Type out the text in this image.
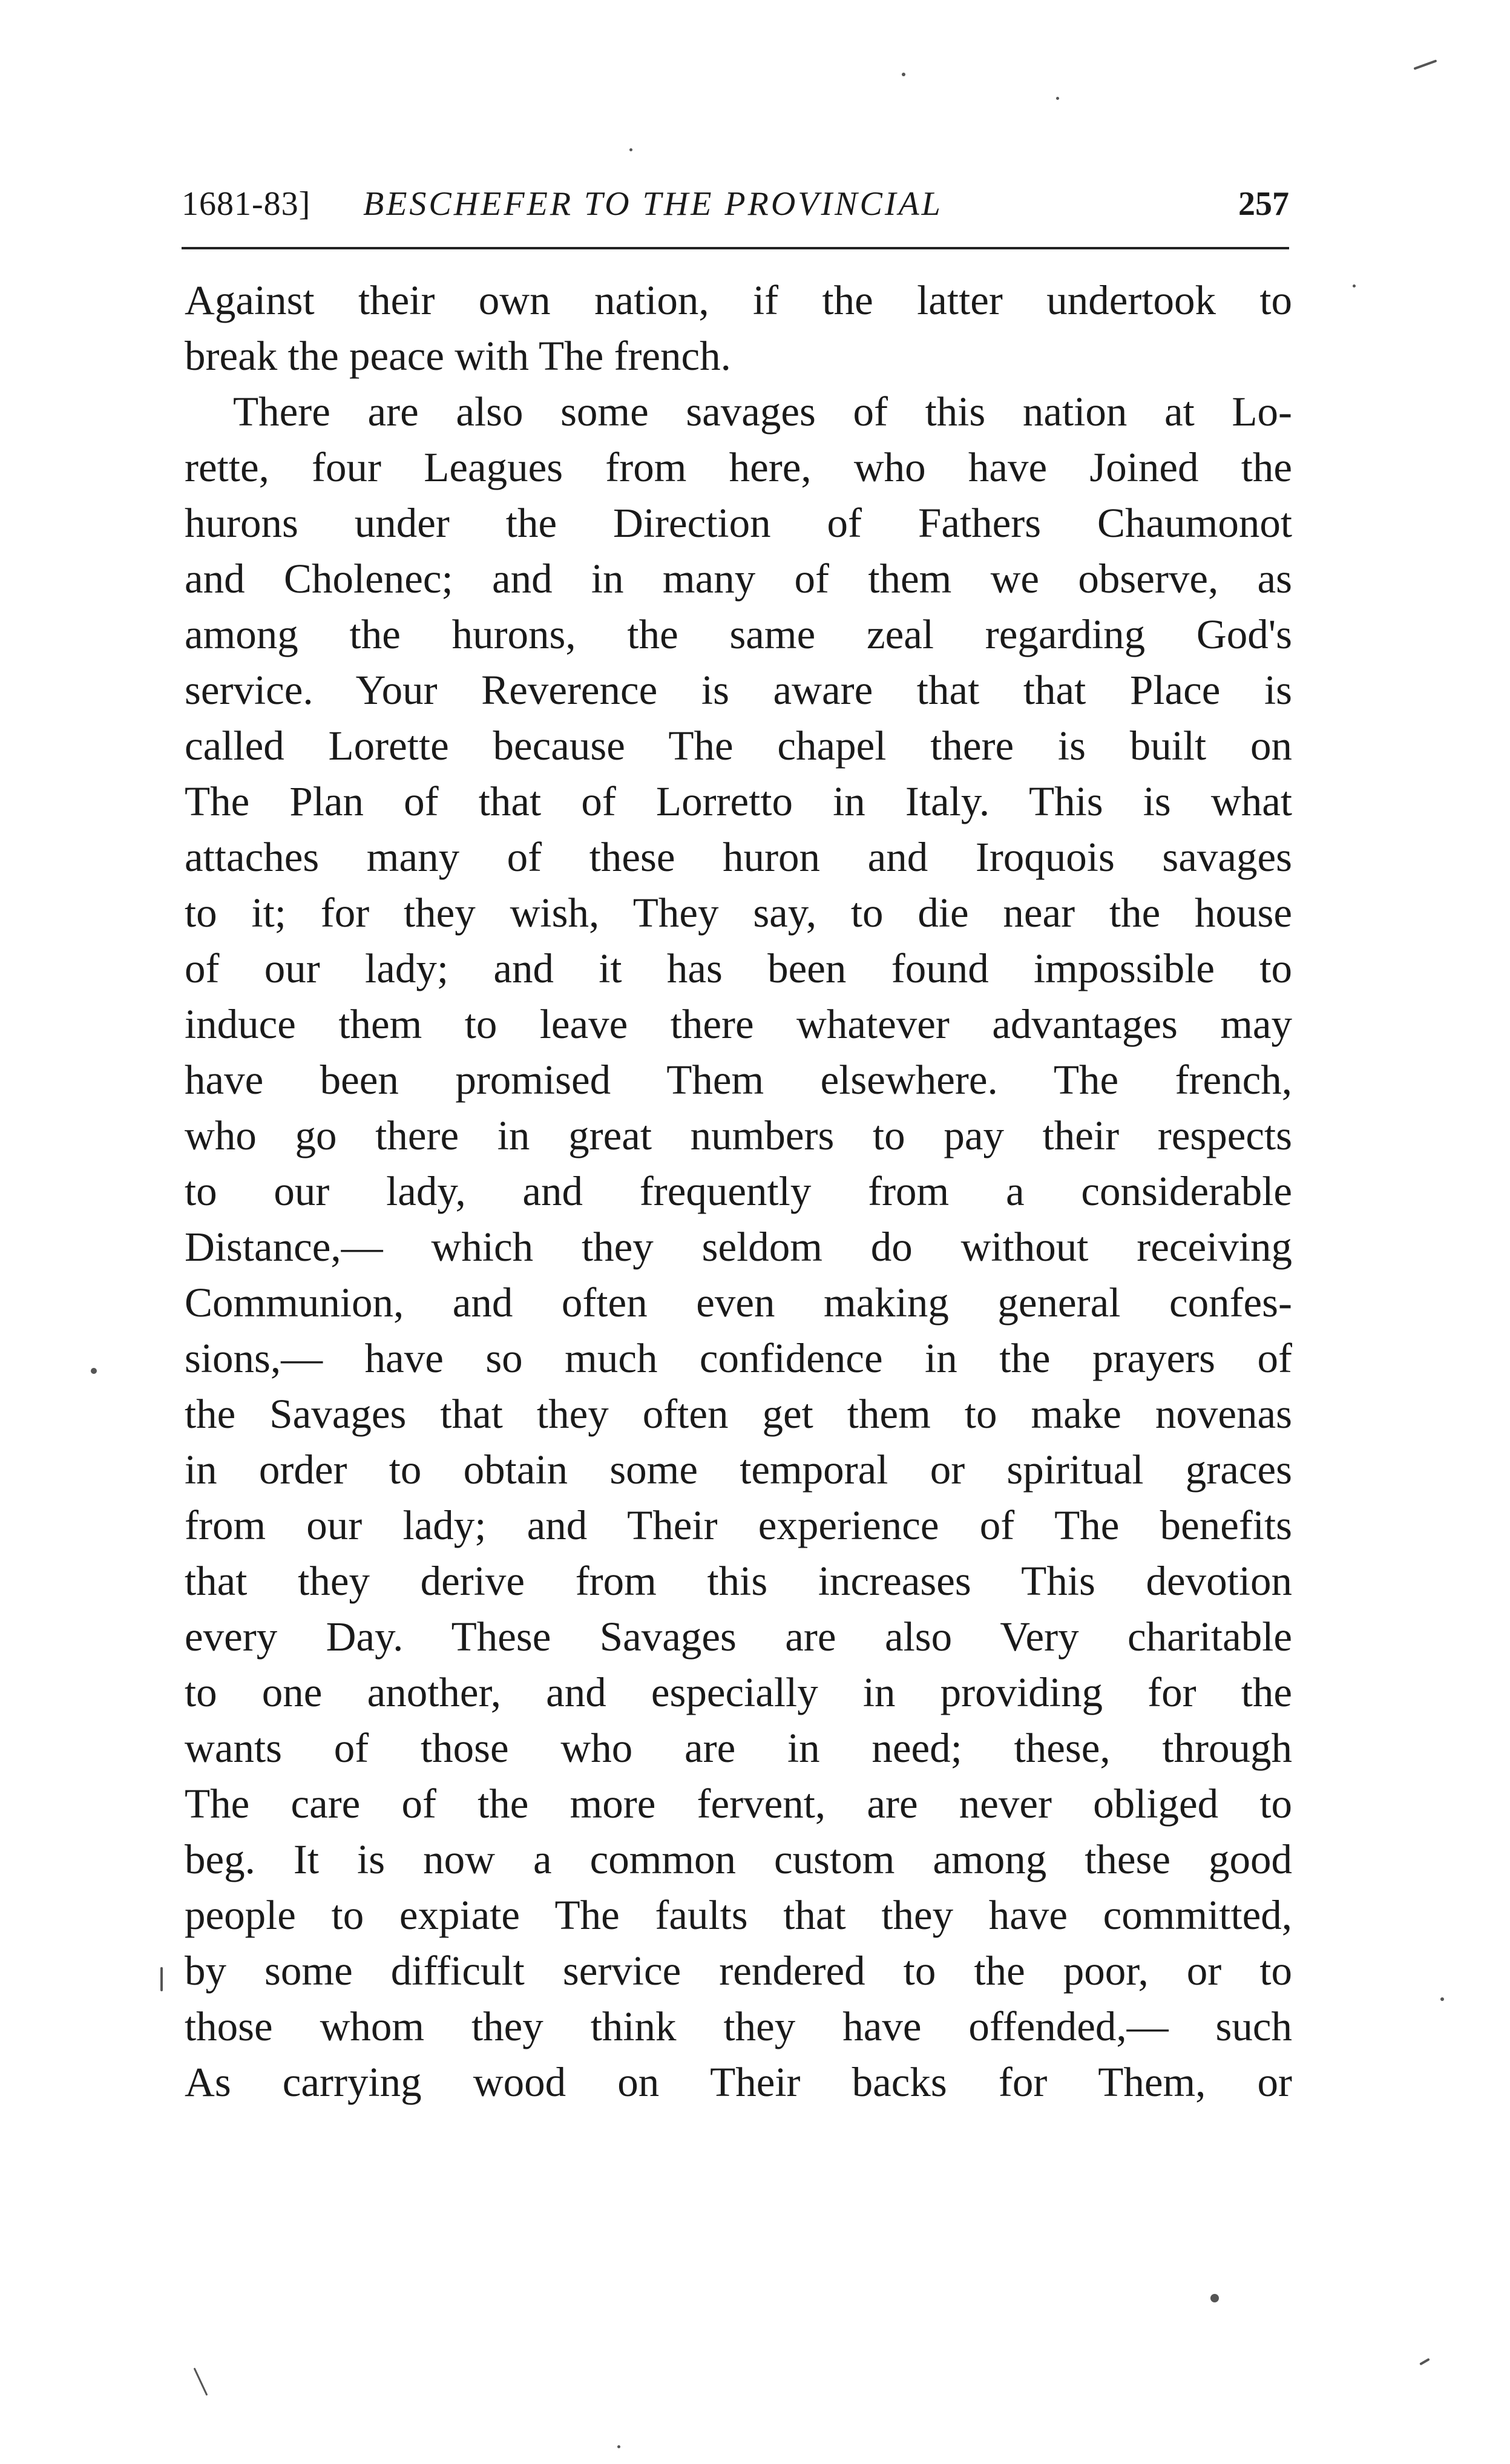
1681-83] BESCHEFER TO THE PROVINCIAL	257
Against their own nation, if the latter undertook to
break the peace with The french.
There are also some savages of this nation at Lo-
rette, four Leagues from here, who have Joined the
hurons under the Direction of Fathers Chaumonot
and Cholenec; and in many of them we observe, as
among the hurons, the same zeal regarding God's
service. Your Reverence is aware that that Place is
called Lorette because The chapel there is built on
The Plan of that of Lorretto in Italy. This is what
attaches many of these huron and Iroquois savages
to it; for they wish, They say, to die near the house
of our lady; and it has been found impossible to
induce them to leave there whatever advantages may
have been promised Them elsewhere. The french,
who go there in great numbers to pay their respects
to our lady, and frequently from a considerable
Distance,— which they seldom do without receiving
Communion, and often even making general confes-
sions,— have so much confidence in the prayers of
the Savages that they often get them to make novenas
in order to obtain some temporal or spiritual graces
from our lady; and Their experience of The benefits
that they derive from this increases This devotion
every Day. These Savages are also Very charitable
to one another, and especially in providing for the
wants of those who are in need; these, through
The care of the more fervent, are never obliged to
beg. It is now a common custom among these good
people to expiate The faults that they have committed,
by some difficult service rendered to the poor, or to
those whom they think they have offended,— such
As carrying wood on Their backs for Them, or
